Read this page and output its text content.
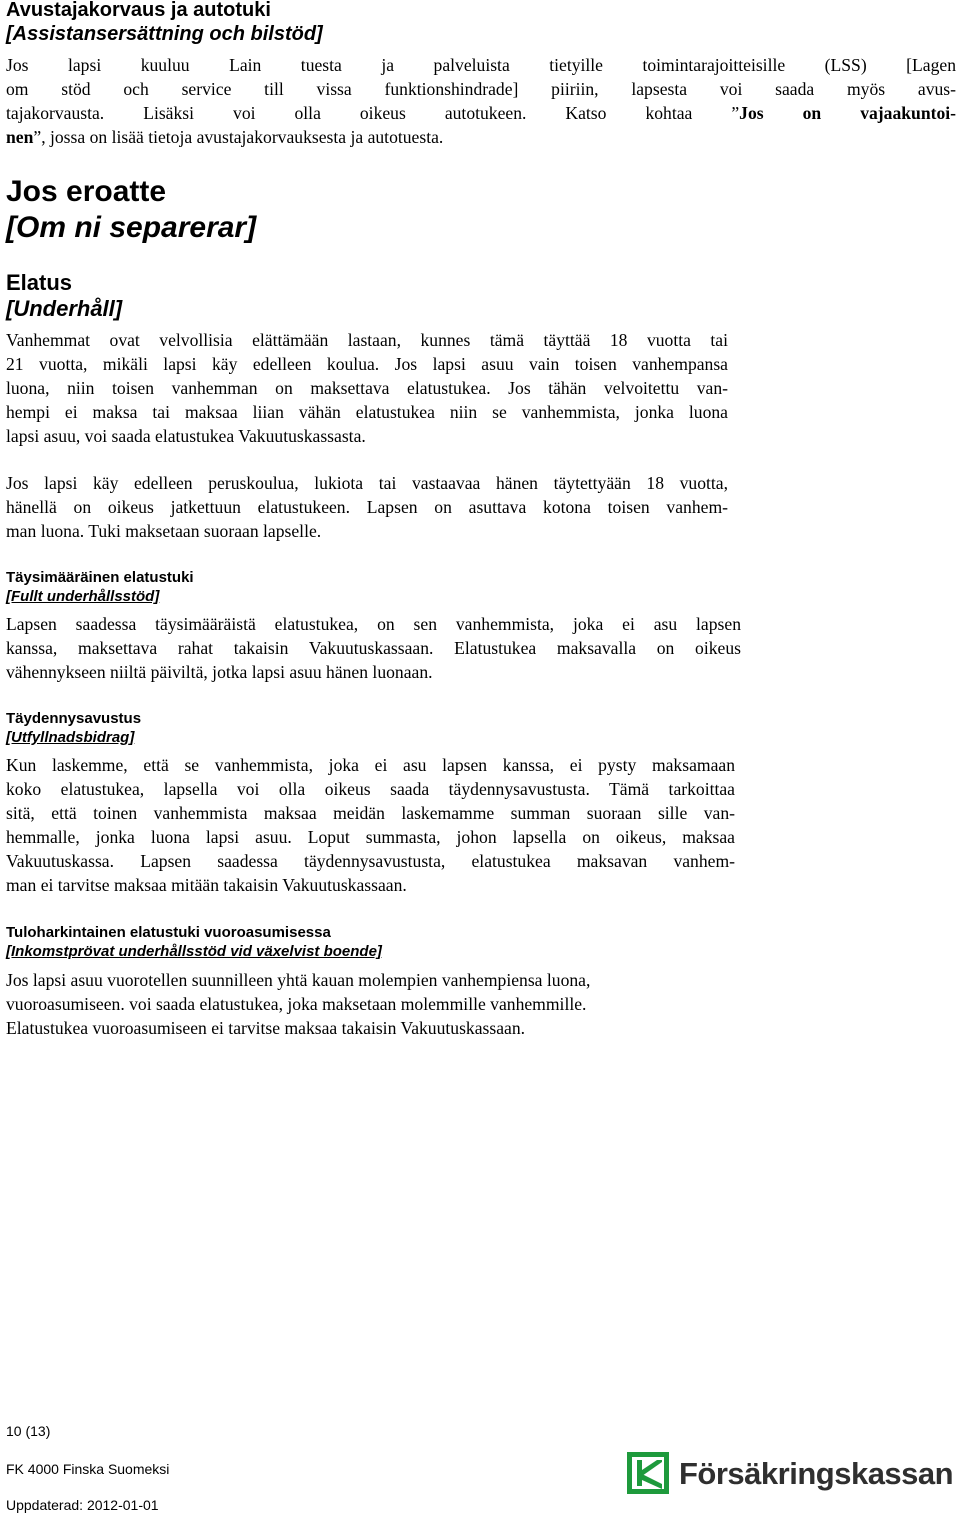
Avustajakorvaus ja autotuki
[Assistansersättning och bilstöd]
Jos lapsi kuuluu Lain tuesta ja palveluista tietyille toimintarajoitteisille (LSS) [Lagen
om stöd och service till vissa funktionshindrade] piiriin, lapsesta voi saada myös avus-
tajakorvausta. Lisäksi voi olla oikeus autotukeen. Katso kohtaa ”Jos on vajaakuntoi-
nen”, jossa on lisää tietoja avustajakorvauksesta ja autotuesta.
Jos eroatte
[Om ni separerar]
Elatus
[Underhåll]
Vanhemmat ovat velvollisia elättämään lastaan, kunnes tämä täyttää 18 vuotta tai
21 vuotta, mikäli lapsi käy edelleen koulua. Jos lapsi asuu vain toisen vanhempansa
luona, niin toisen vanhemman on maksettava elatustukea. Jos tähän velvoitettu van-
hempi ei maksa tai maksaa liian vähän elatustukea niin se vanhemmista, jonka luona
lapsi asuu, voi saada elatustukea Vakuutuskassasta.
Jos lapsi käy edelleen peruskoulua, lukiota tai vastaavaa hänen täytettyään 18 vuotta,
hänellä on oikeus jatkettuun elatustukeen. Lapsen on asuttava kotona toisen vanhem-
man luona. Tuki maksetaan suoraan lapselle.
Täysimääräinen elatustuki
[Fullt underhållsstöd]
Lapsen saadessa täysimääräistä elatustukea, on sen vanhemmista, joka ei asu lapsen
kanssa, maksettava rahat takaisin Vakuutuskassaan. Elatustukea maksavalla on oikeus
vähennykseen niiltä päiviltä, jotka lapsi asuu hänen luonaan.
Täydennysavustus
[Utfyllnadsbidrag]
Kun laskemme, että se vanhemmista, joka ei asu lapsen kanssa, ei pysty maksamaan
koko elatustukea, lapsella voi olla oikeus saada täydennysavustusta. Tämä tarkoittaa
sitä, että toinen vanhemmista maksaa meidän laskemamme summan suoraan sille van-
hemmalle, jonka luona lapsi asuu. Loput summasta, johon lapsella on oikeus, maksaa
Vakuutuskassa. Lapsen saadessa täydennysavustusta, elatustukea maksavan vanhem-
man ei tarvitse maksaa mitään takaisin Vakuutuskassaan.
Tuloharkintainen elatustuki vuoroasumisessa
[Inkomstprövat underhållsstöd vid växelvist boende]
Jos lapsi asuu vuorotellen suunnilleen yhtä kauan molempien vanhempiensa luona,
vuoroasumiseen. voi saada elatustukea, joka maksetaan molemmille vanhemmille.
Elatustukea vuoroasumiseen ei tarvitse maksaa takaisin Vakuutuskassaan.
10 (13)
FK 4000 Finska Suomeksi
Uppdaterad: 2012-01-01
Försäkringskassan
